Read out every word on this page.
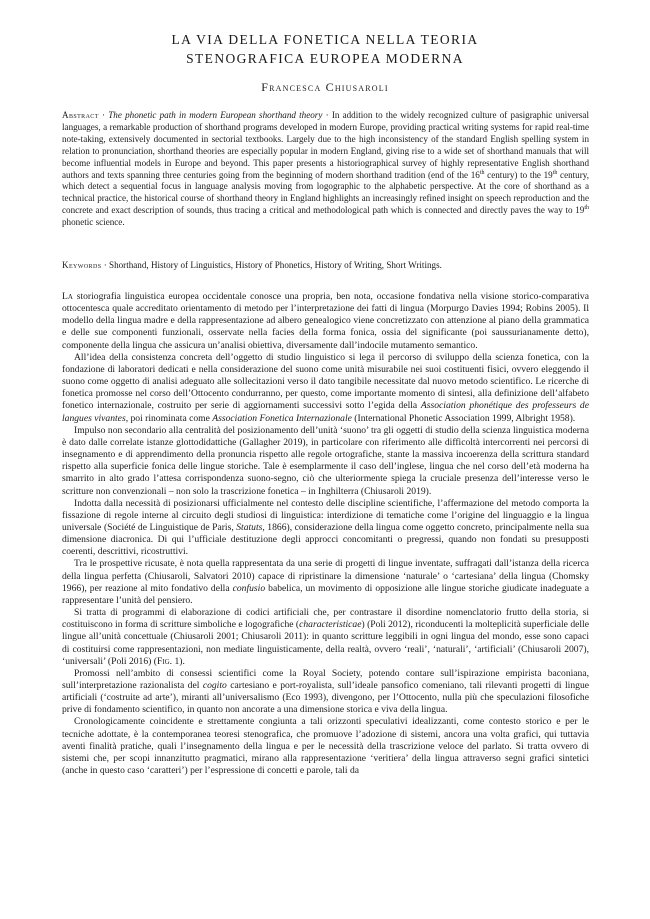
LA VIA DELLA FONETICA NELLA TEORIA
STENOGRAFICA EUROPEA MODERNA
Francesca Chiusaroli
Abstract · The phonetic path in modern European shorthand theory · In addition to the widely recognized culture of pasigraphic universal languages, a remarkable production of shorthand programs developed in modern Europe, providing practical writing systems for rapid real-time note-taking, extensively documented in sectorial textbooks. Largely due to the high inconsistency of the standard English spelling system in relation to pronunciation, shorthand theories are especially popular in modern England, giving rise to a wide set of shorthand manuals that will become influential models in Europe and beyond. This paper presents a historiographical survey of highly representative English shorthand authors and texts spanning three centuries going from the beginning of modern shorthand tradition (end of the 16th century) to the 19th century, which detect a sequential focus in language analysis moving from logographic to the alphabetic perspective. At the core of shorthand as a technical practice, the historical course of shorthand theory in England highlights an increasingly refined insight on speech reproduction and the concrete and exact description of sounds, thus tracing a critical and methodological path which is connected and directly paves the way to 19th phonetic science.
Keywords · Shorthand, History of Linguistics, History of Phonetics, History of Writing, Short Writings.

La storiografia linguistica europea occidentale conosce una propria, ben nota, occasione fondativa nella visione storico-comparativa ottocentesca quale accreditato orientamento di metodo per l’interpretazione dei fatti di lingua (Morpurgo Davies 1994; Robins 2005). Il modello della lingua madre e della rappresentazione ad albero genealogico viene concretizzato con attenzione al piano della grammatica e delle sue componenti funzionali, osservate nella facies della forma fonica, ossia del significante (poi saussurianamente detto), componente della lingua che assicura un’analisi obiettiva, diversamente dall’indocile mutamento semantico.

All’idea della consistenza concreta dell’oggetto di studio linguistico si lega il percorso di sviluppo della scienza fonetica, con la fondazione di laboratori dedicati e nella considerazione del suono come unità misurabile nei suoi costituenti fisici, ovvero eleggendo il suono come oggetto di analisi adeguato alle sollecitazioni verso il dato tangibile necessitate dal nuovo metodo scientifico. Le ricerche di fonetica promosse nel corso dell’Ottocento condurranno, per questo, come importante momento di sintesi, alla definizione dell’alfabeto fonetico internazionale, costruito per serie di aggiornamenti successivi sotto l’egida della Association phonétique des professeurs de langues vivantes, poi rinominata come Association Fonetica Internazionale (International Phonetic Association 1999, Albright 1958).

Impulso non secondario alla centralità del posizionamento dell’unità ‘suono’ tra gli oggetti di studio della scienza linguistica moderna è dato dalle correlate istanze glottodidattiche (Gallagher 2019), in particolare con riferimento alle difficoltà intercorrenti nei percorsi di insegnamento e di apprendimento della pronuncia rispetto alle regole ortografiche, stante la massiva incoerenza della scrittura standard rispetto alla superficie fonica delle lingue storiche. Tale è esemplarmente il caso dell’inglese, lingua che nel corso dell’età moderna ha smarrito in alto grado l’attesa corrispondenza suono-segno, ciò che ulteriormente spiega la cruciale presenza dell’interesse verso le scritture non convenzionali – non solo la trascrizione fonetica – in Inghilterra (Chiusaroli 2019).

Indotta dalla necessità di posizionarsi ufficialmente nel contesto delle discipline scientifiche, l’affermazione del metodo comporta la fissazione di regole interne al circuito degli studiosi di linguistica: interdizione di tematiche come l’origine del linguaggio e la lingua universale (Société de Linguistique de Paris, Statuts, 1866), considerazione della lingua come oggetto concreto, principalmente nella sua dimensione diacronica. Di qui l’ufficiale destituzione degli approcci concomitanti o pregressi, quando non fondati su presupposti coerenti, descrittivi, ricostruttivi.

Tra le prospettive ricusate, è nota quella rappresentata da una serie di progetti di lingue inventate, suffragati dall’istanza della ricerca della lingua perfetta (Chiusaroli, Salvatori 2010) capace di ripristinare la dimensione ‘naturale’ o ‘cartesiana’ della lingua (Chomsky 1966), per reazione al mito fondativo della confusio babelica, un movimento di opposizione alle lingue storiche giudicate inadeguate a rappresentare l’unità del pensiero.

Si tratta di programmi di elaborazione di codici artificiali che, per contrastare il disordine nomenclatorio frutto della storia, si costituiscono in forma di scritture simboliche e logografiche (characteristicae) (Poli 2012), riconducenti la molteplicità superficiale delle lingue all’unità concettuale (Chiusaroli 2001; Chiusaroli 2011): in quanto scritture leggibili in ogni lingua del mondo, esse sono capaci di costituirsi come rappresentazioni, non mediate linguisticamente, della realtà, ovvero ‘reali’, ‘naturali’, ‘artificiali’ (Chiusaroli 2007), ‘universali’ (Poli 2016) (Fig. 1).

Promossi nell’ambito di consessi scientifici come la Royal Society, potendo contare sull’ispirazione empirista baconiana, sull’interpretazione razionalista del cogito cartesiano e port-royalista, sull’ideale pansofico comeniano, tali rilevanti progetti di lingue artificiali (‘costruite ad arte’), miranti all’universalismo (Eco 1993), divengono, per l’Ottocento, nulla più che speculazioni filosofiche prive di fondamento scientifico, in quanto non ancorate a una dimensione storica e viva della lingua.

Cronologicamente coincidente e strettamente congiunta a tali orizzonti speculativi idealizzanti, come contesto storico e per le tecniche adottate, è la contemporanea teoresi stenografica, che promuove l’adozione di sistemi, ancora una volta grafici, qui tuttavia aventi finalità pratiche, quali l’insegnamento della lingua e per le necessità della trascrizione veloce del parlato. Si tratta ovvero di sistemi che, per scopi innanzitutto pragmatici, mirano alla rappresentazione ‘veritiera’ della lingua attraverso segni grafici sintetici (anche in questo caso ‘caratteri’) per l’espressione di concetti e parole, tali da
